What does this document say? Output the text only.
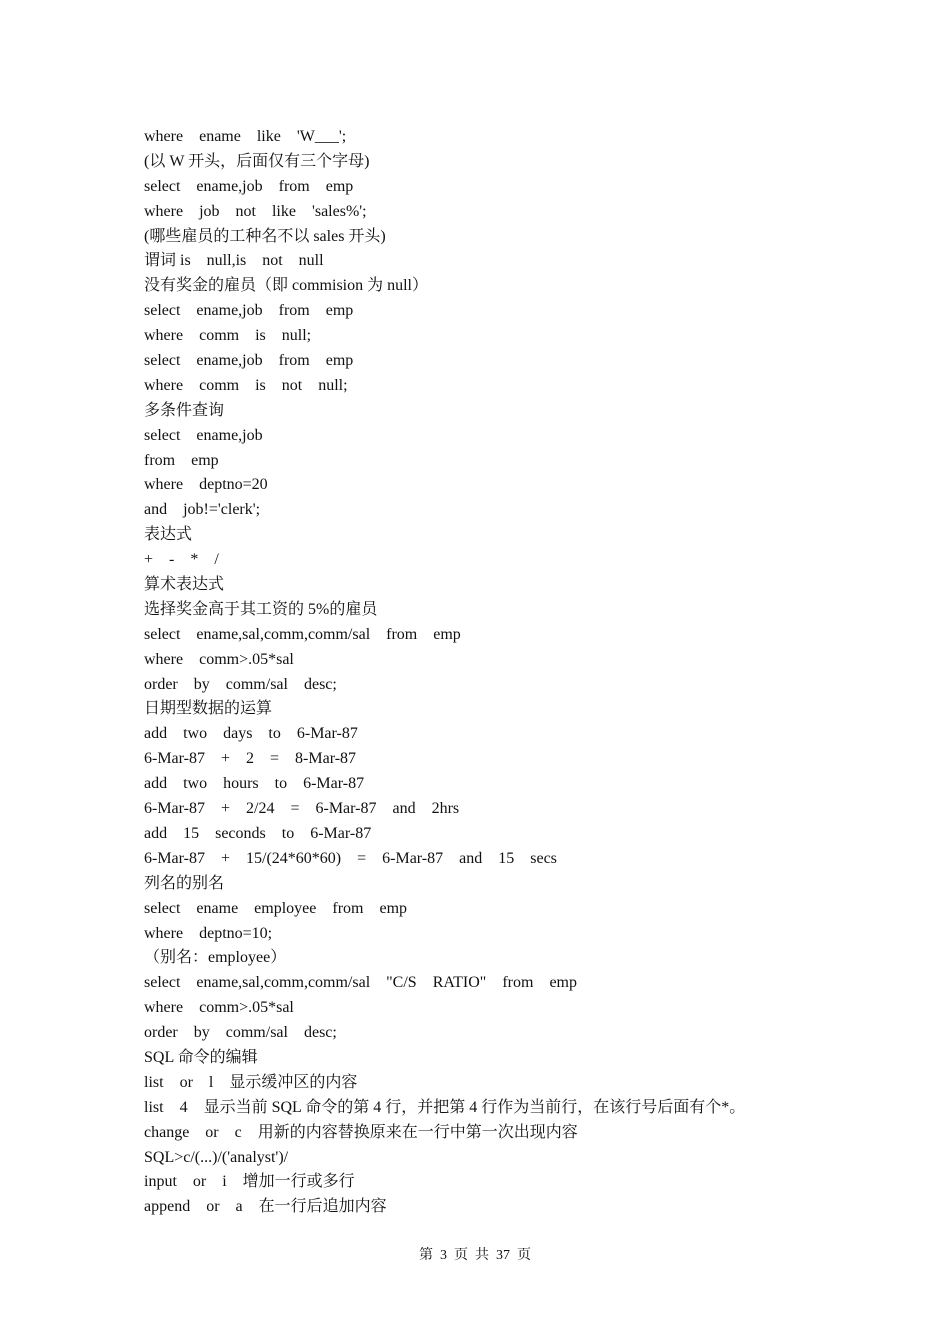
where    ename    like    'W___';
(以 W 开头，后面仅有三个字母)
select    ename,job    from    emp
where    job    not    like    'sales%';
(哪些雇员的工种名不以 sales 开头)
谓词 is    null,is    not    null
没有奖金的雇员（即 commision 为 null）
select    ename,job    from    emp
where    comm    is    null;
select    ename,job    from    emp
where    comm    is    not    null;
多条件查询
select    ename,job
from    emp
where    deptno=20
and    job!='clerk';
表达式
+    -    *    /
算术表达式
选择奖金高于其工资的 5%的雇员
select    ename,sal,comm,comm/sal    from    emp
where    comm>.05*sal
order    by    comm/sal    desc;
日期型数据的运算
add    two    days    to    6-Mar-87
6-Mar-87    +    2    =    8-Mar-87
add    two    hours    to    6-Mar-87
6-Mar-87    +    2/24    =    6-Mar-87    and    2hrs
add    15    seconds    to    6-Mar-87
6-Mar-87    +    15/(24*60*60)    =    6-Mar-87    and    15    secs
列名的别名
select    ename    employee    from    emp
where    deptno=10;
（别名：employee）
select    ename,sal,comm,comm/sal    "C/S    RATIO"    from    emp
where    comm>.05*sal
order    by    comm/sal    desc;
SQL 命令的编辑
list    or    l    显示缓冲区的内容
list    4    显示当前 SQL 命令的第 4 行，并把第 4 行作为当前行，在该行号后面有个*。
change    or    c    用新的内容替换原来在一行中第一次出现内容
SQL>c/(...)/('analyst')/
input    or    i    增加一行或多行
append    or    a    在一行后追加内容
第  3  页  共  37  页
